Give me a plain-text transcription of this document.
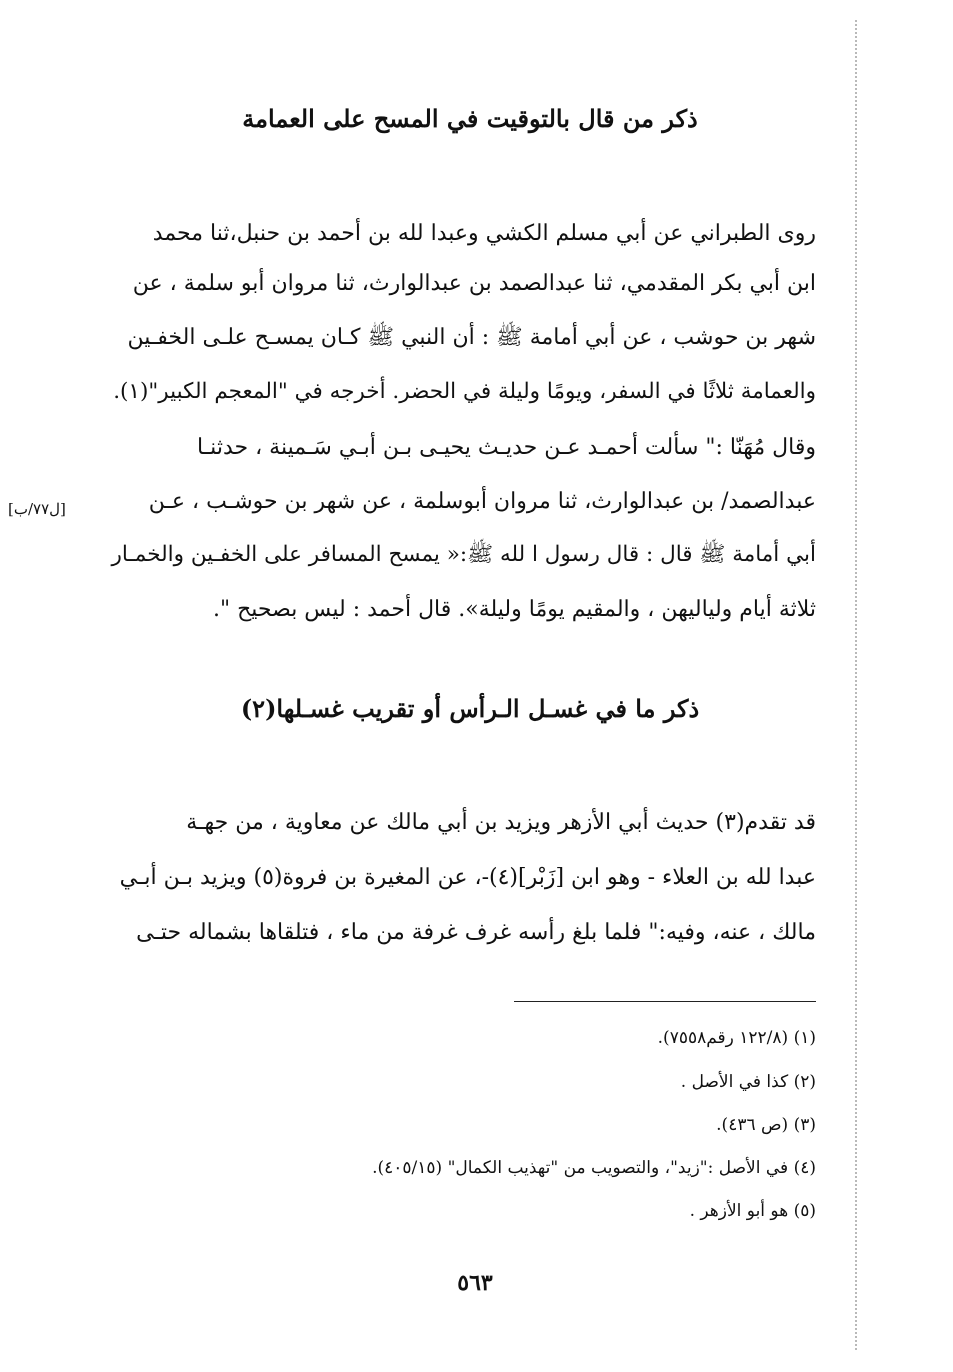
ذكر من قال بالتوقيت في المسح على العمامة
روى الطبراني عن أبي مسلم الكشي وعبدا لله بن أحمد بن حنبل،ثنا محمد
ابن أبي بكر المقدمي، ثنا عبدالصمد بن عبدالوارث، ثنا مروان أبو سلمة ، عن
شهر بن حوشب ، عن أبي أمامة ﷺ : أن النبي ﷺ كـان يمسـح علـى الخفـين
والعمامة ثلاثًا في السفر، ويومًا وليلة في الحضر. أخرجه في "المعجم الكبير"(١).
وقال مُهَنّا :" سألت أحمـد عـن حديـث يحيـى بـن أبـي سَـمينة ، حدثنـا
عبدالصمد/ بن عبدالوارث، ثنا مروان أبوسلمة ، عن شهر بن حوشـب ، عـن
أبي أمامة ﷺ قال : قال رسول ا لله ﷺ:« يمسح المسافر على الخفـين والخمـار
ثلاثة أيام ولياليهن ، والمقيم يومًا وليلة». قال أحمد : ليس بصحيح ".
[ل٧٧/ب]
ذكر ما في غسـل الـرأس أو تقريب غسـلها(٢)
قد تقدم(٣) حديث أبي الأزهر ويزيد بن أبي مالك عن معاوية ، من جهـة
عبدا لله بن العلاء - وهو ابن [زَبْر](٤)-، عن المغيرة بن فروة(٥) ويزيد بـن أبـي
مالك ، عنه، وفيه:" فلما بلغ رأسه غرف غرفة من ماء ، فتلقاها بشماله حتـى
(١) (١٢٢/٨ رقم٧٥٥٨).
(٢) كذا في الأصل .
(٣) (ص ٤٣٦).
(٤) في الأصل :"زيد"، والتصويب من "تهذيب الكمال" (٤٠٥/١٥).
(٥) هو أبو الأزهر .
٥٦٣
